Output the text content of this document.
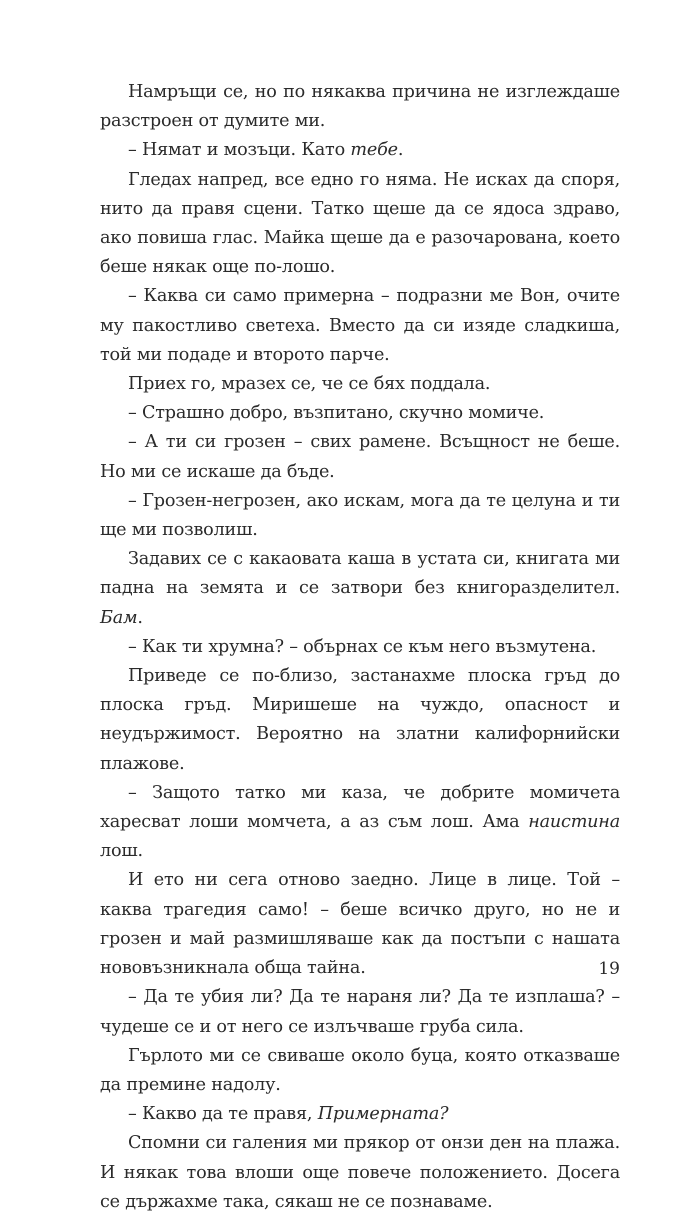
Намръщи се, но по някаква причина не изглеждаше разстроен от думите ми.

– Нямат и мозъци. Като тебе.

Гледах напред, все едно го няма. Не исках да споря, нито да правя сцени. Татко щеше да се ядоса здраво, ако повиша глас. Майка щеше да е разочарована, което беше някак още по-лошо.

– Каква си само примерна – подразни ме Вон, очите му пакостливо светеха. Вместо да си изяде сладкиша, той ми подаде и второто парче.

Приех го, мразех се, че се бях поддала.

– Страшно добро, възпитано, скучно момиче.

– А ти си грозен – свих рамене. Всъщност не беше. Но ми се искаше да бъде.

– Грозен-негрозен, ако искам, мога да те целуна и ти ще ми позволиш.

Задавих се с какаовата каша в устата си, книгата ми падна на земята и се затвори без книгоразделител. Бам.

– Как ти хрумна? – обърнах се към него възмутена.

Приведе се по-близо, застанахме плоска гръд до плоска гръд. Миришеше на чуждо, опасност и неудържимост. Вероятно на златни калифорнийски плажове.

– Защото татко ми каза, че добрите момичета харесват лоши момчета, а аз съм лош. Ама наистина лош.

И ето ни сега отново заедно. Лице в лице. Той – каква трагедия само! – беше всичко друго, но не и грозен и май размишляваше как да постъпи с нашата нововъзникнала обща тайна.

– Да те убия ли? Да те нараня ли? Да те изплаша? – чудеше се и от него се излъчваше груба сила.

Гърлото ми се свиваше около буца, която отказваше да премине надолу.

– Какво да те правя, Примерната?

Спомни си галения ми прякор от онзи ден на плажа. И някак това влоши още повече положението. Досега се държахме така, сякаш не се познаваме.

19
